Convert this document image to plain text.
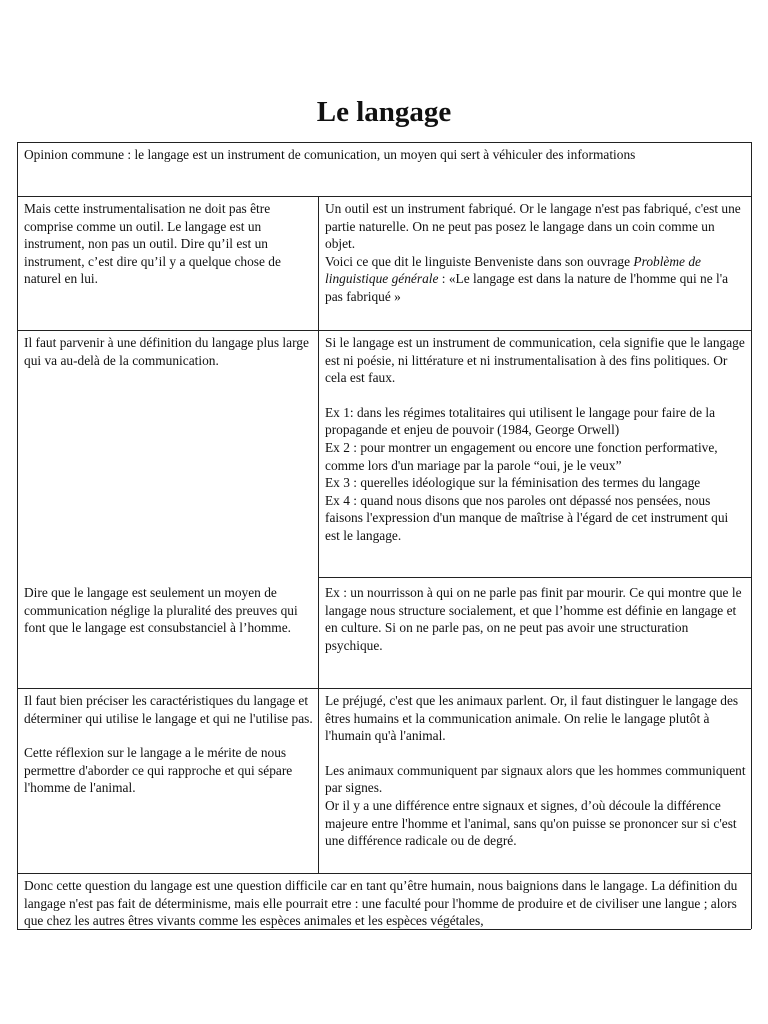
Le langage

Opinion commune : le langage est un instrument de comunication, un moyen qui sert à véhiculer des informations

Mais cette instrumentalisation ne doit pas être comprise comme un outil. Le langage est un instrument, non pas un outil. Dire qu’il est un instrument, c’est dire qu’il y a quelque chose de naturel en lui.

Un outil est un instrument fabriqué. Or le langage n'est pas fabriqué, c'est une partie naturelle. On ne peut pas posez le langage dans un coin comme un objet.

Voici ce que dit le linguiste Benveniste dans son ouvrage Problème de linguistique générale : «Le langage est dans la nature de l'homme qui ne l'a pas fabriqué »

Il faut parvenir à une définition du langage plus large qui va au-delà de la communication.

Dire que le langage est seulement un moyen de communication néglige la pluralité des preuves qui font que le langage est consubstanciel à l’homme.

Si le langage est un instrument de communication, cela signifie que le langage est ni poésie, ni littérature et ni instrumentalisation à des fins politiques. Or cela est faux.

Ex 1: dans les régimes totalitaires qui utilisent le langage pour faire de la propagande et enjeu de pouvoir (1984, George Orwell)

Ex 2 : pour montrer un engagement ou encore une fonction performative, comme lors d'un mariage par la parole “oui, je le veux”

Ex 3 : querelles idéologique sur la féminisation des termes du langage

Ex 4 : quand nous disons que nos paroles ont dépassé nos pensées, nous faisons l'expression d'un manque de maîtrise à l'égard de cet instrument qui est le langage.

Ex : un nourrisson à qui on ne parle pas finit par mourir. Ce qui montre que le langage nous structure socialement, et que l’homme est définie en langage et en culture. Si on ne parle pas, on ne peut pas avoir une structuration psychique.

Il faut bien préciser les caractéristiques du langage et déterminer qui utilise le langage et qui ne l'utilise pas.

Cette réflexion sur le langage a le mérite de nous permettre d'aborder ce qui rapproche et qui sépare l'homme de l'animal.

Le préjugé, c'est que les animaux parlent. Or, il faut distinguer le langage des êtres humains et la communication animale. On relie le langage plutôt à l'humain qu'à l'animal.

Les animaux communiquent par signaux alors que les hommes communiquent par signes.

Or il y a une différence entre signaux et signes, d’où découle la différence majeure entre l'homme et l'animal, sans qu'on puisse se prononcer sur si c'est une différence radicale ou de degré.

Donc cette question du langage est une question difficile car en tant qu’être humain, nous baignions dans le langage. La définition du langage n'est pas fait de déterminisme, mais elle pourrait etre : une faculté pour l'homme de produire et de civiliser une langue ; alors que chez les autres êtres vivants comme les espèces animales et les espèces végétales,
